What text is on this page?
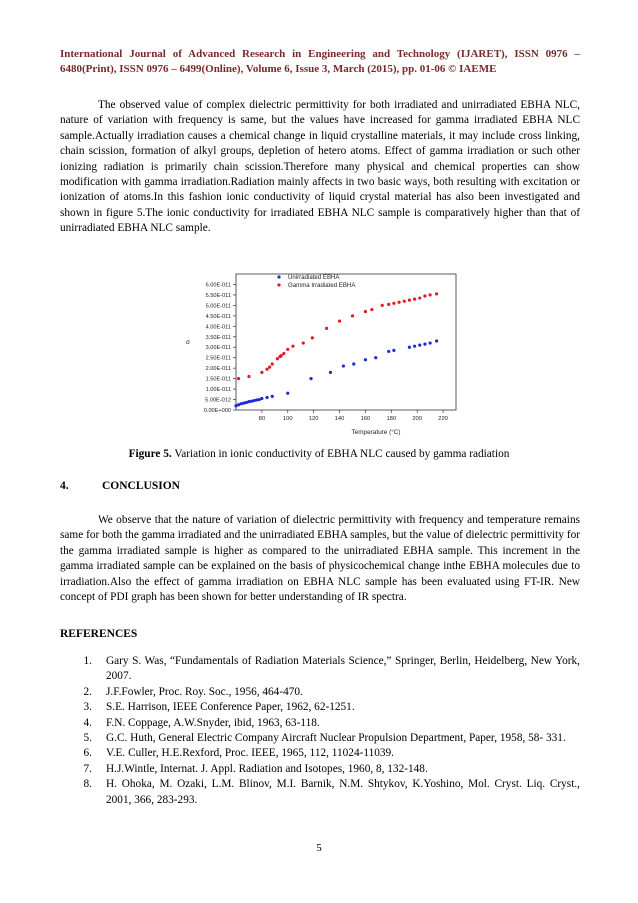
International Journal of Advanced Research in Engineering and Technology (IJARET), ISSN 0976 – 6480(Print), ISSN 0976 – 6499(Online), Volume 6, Issue 3, March (2015), pp. 01-06 © IAEME

The observed value of complex dielectric permittivity for both irradiated and unirradiated EBHA NLC, nature of variation with frequency is same, but the values have increased for gamma irradiated EBHA NLC sample.Actually irradiation causes a chemical change in liquid crystalline materials, it may include cross linking, chain scission, formation of alkyl groups, depletion of hetero atoms. Effect of gamma irradiation or such other ionizing radiation is primarily chain scission.Therefore many physical and chemical properties can show modification with gamma irradiation.Radiation mainly affects in two basic ways, both resulting with excitation or ionization of atoms.In this fashion ionic conductivity of liquid crystal material has also been investigated and shown in figure 5.The ionic conductivity for irradiated EBHA NLC sample is comparatively higher than that of unirradiated EBHA NLC sample.

0.00E+000
5.00E-012
1.00E-011
1.50E-011
2.00E-011
2.50E-011
3.00E-011
3.50E-011
4.00E-011
4.50E-011
5.00E-011
5.50E-011
6.00E-011
80	100	120	140	160	180	200	220
Temperature (°C)
σ
Unirradiated EBHA
Gamma Irradiated EBHA
Figure 5. Variation in ionic conductivity of EBHA NLC caused by gamma radiation
4.	CONCLUSION

We observe that the nature of variation of dielectric permittivity with frequency and temperature remains same for both the gamma irradiated and the unirradiated EBHA samples, but the value of dielectric permittivity for the gamma irradiated sample is higher as compared to the unirradiated EBHA sample. This increment in the gamma irradiated sample can be explained on the basis of physicochemical change inthe EBHA molecules due to irradiation.Also the effect of gamma irradiation on EBHA NLC sample has been evaluated using FT-IR. New concept of PDI graph has been shown for better understanding of IR spectra.

REFERENCES
1.	Gary S. Was, “Fundamentals of Radiation Materials Science,” Springer, Berlin, Heidelberg, New York, 2007.
2.	J.F.Fowler, Proc. Roy. Soc., 1956, 464-470.
3.	S.E. Harrison, IEEE Conference Paper, 1962, 62-1251.
4.	F.N. Coppage, A.W.Snyder, ibid, 1963, 63-118.
5.	G.C. Huth, General Electric Company Aircraft Nuclear Propulsion Department, Paper, 1958, 58- 331.
6.	V.E. Culler, H.E.Rexford, Proc. IEEE, 1965, 112, 11024-11039.
7.	H.J.Wintle, Internat. J. Appl. Radiation and Isotopes, 1960, 8, 132-148.
8.	H. Ohoka, M. Ozaki, L.M. Blinov, M.I. Barnik, N.M. Shtykov, K.Yoshino, Mol. Cryst. Liq. Cryst., 2001, 366, 283-293.
5
